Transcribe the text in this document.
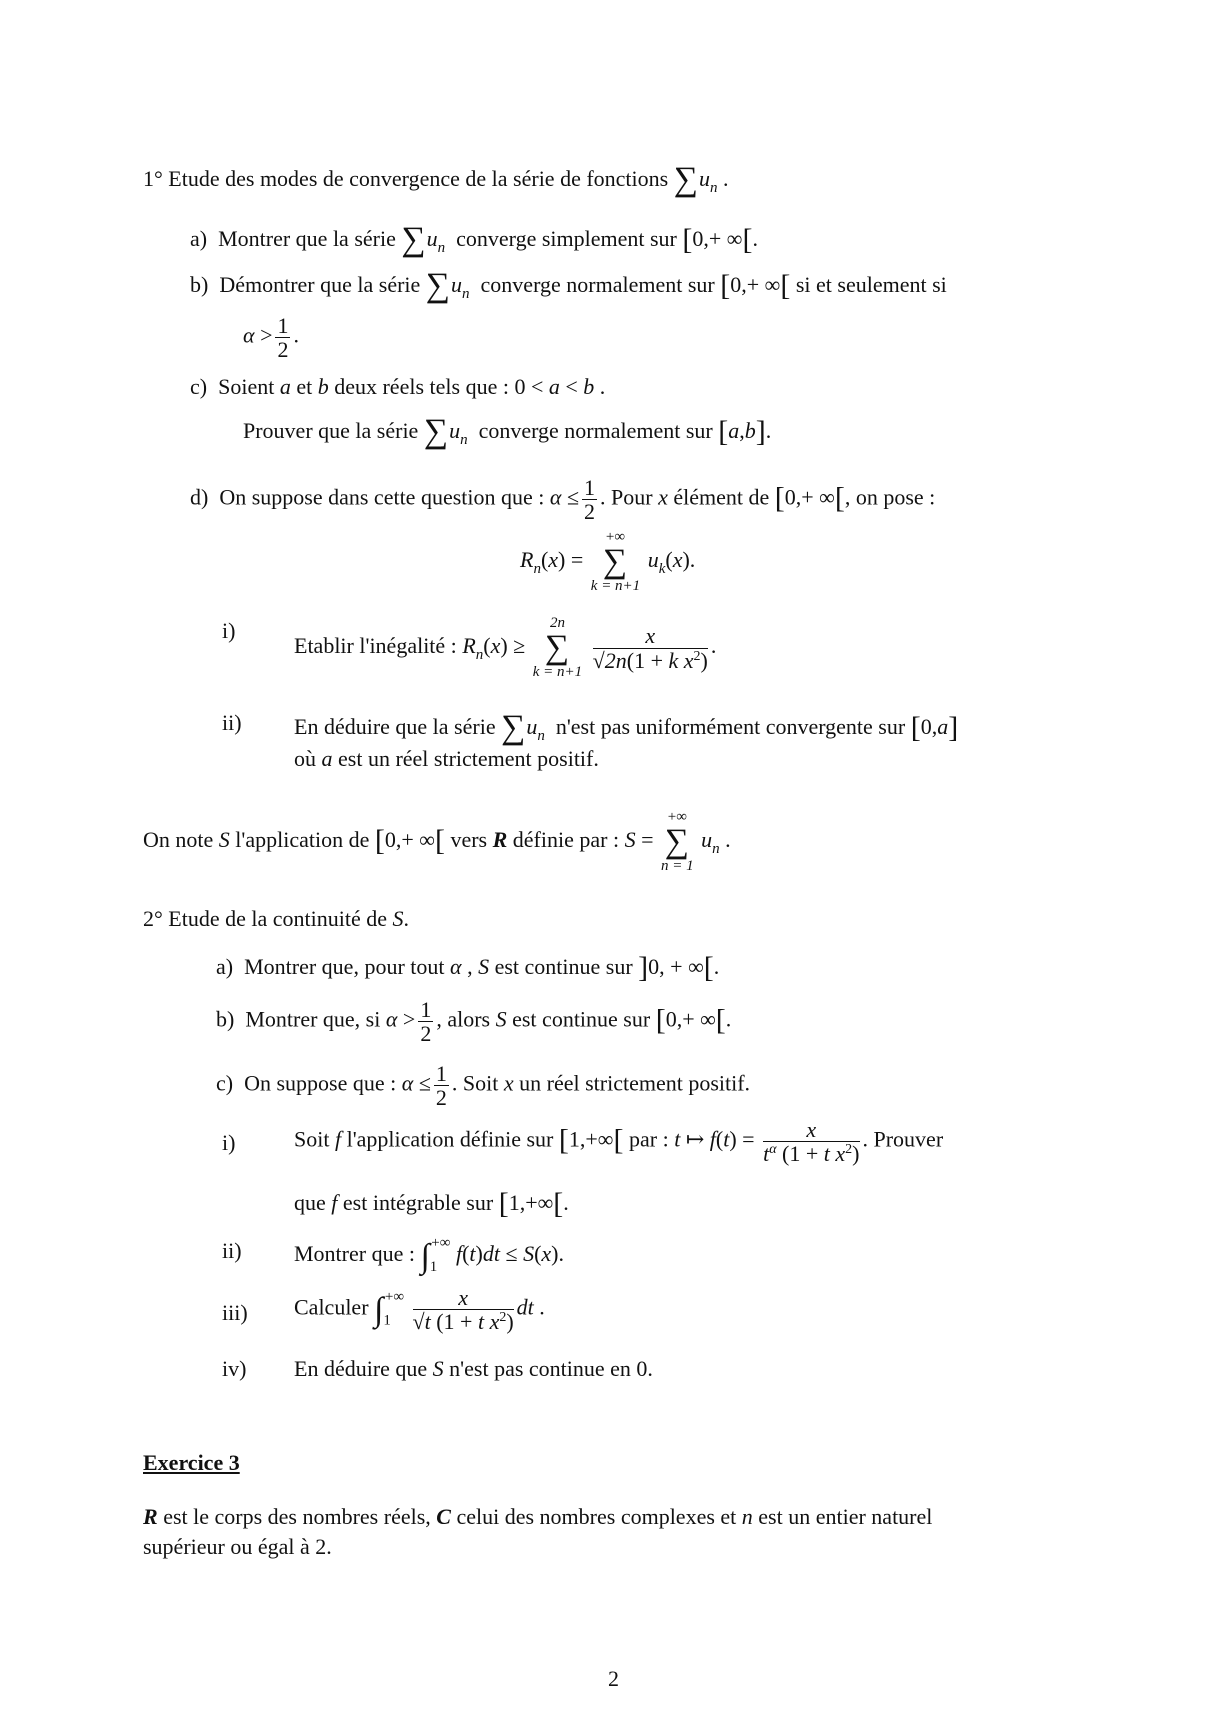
1° Etude des modes de convergence de la série de fonctions $\sum u_n$ .
a) Montrer que la série $\sum u_n$ converge simplement sur [0,+ ∞[.
b) Démontrer que la série $\sum u_n$ converge normalement sur [0,+ ∞[ si et seulement si
$\alpha > \frac{1}{2}$ .
c) Soient a et b deux réels tels que : 0 < a < b .
Prouver que la série $\sum u_n$ converge normalement sur [a,b].
d) On suppose dans cette question que : $\alpha \le \frac{1}{2}$ . Pour x élément de [0,+ ∞[, on pose :
$R_n(x)$ =
+∞
∑
k = n+1
$u_k(x)$.
i)
Etablir l'inégalité : $R_n(x)$ ≥
2n
∑
k = n+1

$\frac{x}{√2n(1 + k x^2)}$ .
ii) En déduire que la série $\sum u_n$ n'est pas uniformément convergente sur [0,a]
où a est un réel strictement positif.
On note S l'application de [0,+ ∞[ vers R définie par : S =
+∞
∑
n = 1
$u_n$ .
2° Etude de la continuité de S.
a) Montrer que, pour tout α , S est continue sur ]0, + ∞[.
b) Montrer que, si $\alpha > \frac{1}{2}$ , alors S est continue sur [0,+ ∞[.
c) On suppose que : $\alpha \le \frac{1}{2}$ . Soit x un réel strictement positif.
i)	Soit f l'application définie sur [1,+∞[ par : t ↦ $f(t) = \frac{x}{t^\alpha (1 + t x^2)}$ . Prouver
que f est intégrable sur [1,+∞[.
ii) Montrer que : $\int_1^{+\infty}$ f(t)dt ≤ S(x).
iii) Calculer $\int_1^{+\infty} \frac{x}{√t (1 + t x^2)}$ dt .
iv) En déduire que S n'est pas continue en 0.
Exercice 3
R est le corps des nombres réels, C celui des nombres complexes et n est un entier naturel
supérieur ou égal à 2.
2
